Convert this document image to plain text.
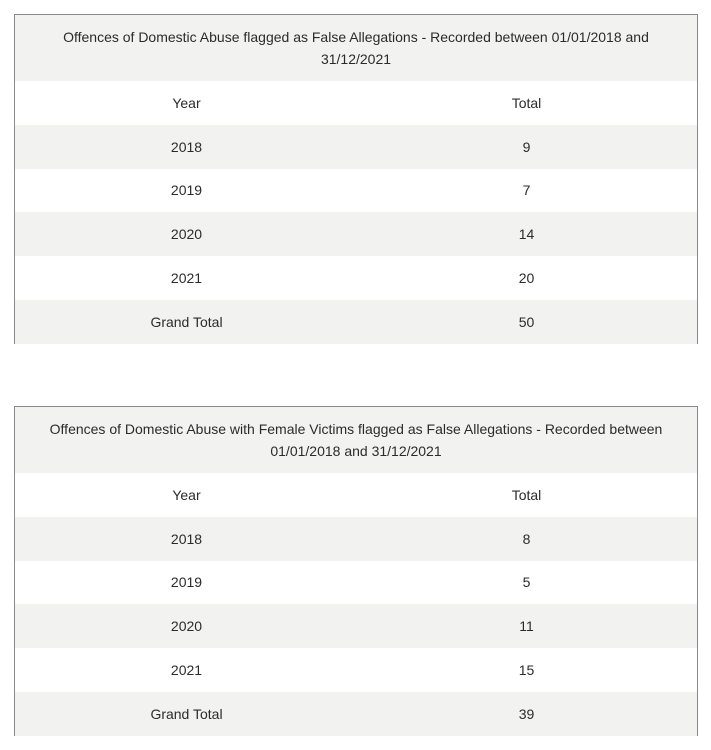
Offences of Domestic Abuse flagged as False Allegations - Recorded between 01/01/2018 and 31/12/2021
Year	Total
2018	9
2019	7
2020	14
2021	20
Grand Total	50
Offences of Domestic Abuse with Female Victims flagged as False Allegations - Recorded between 01/01/2018 and 31/12/2021
Year	Total
2018	8
2019	5
2020	11
2021	15
Grand Total	39
